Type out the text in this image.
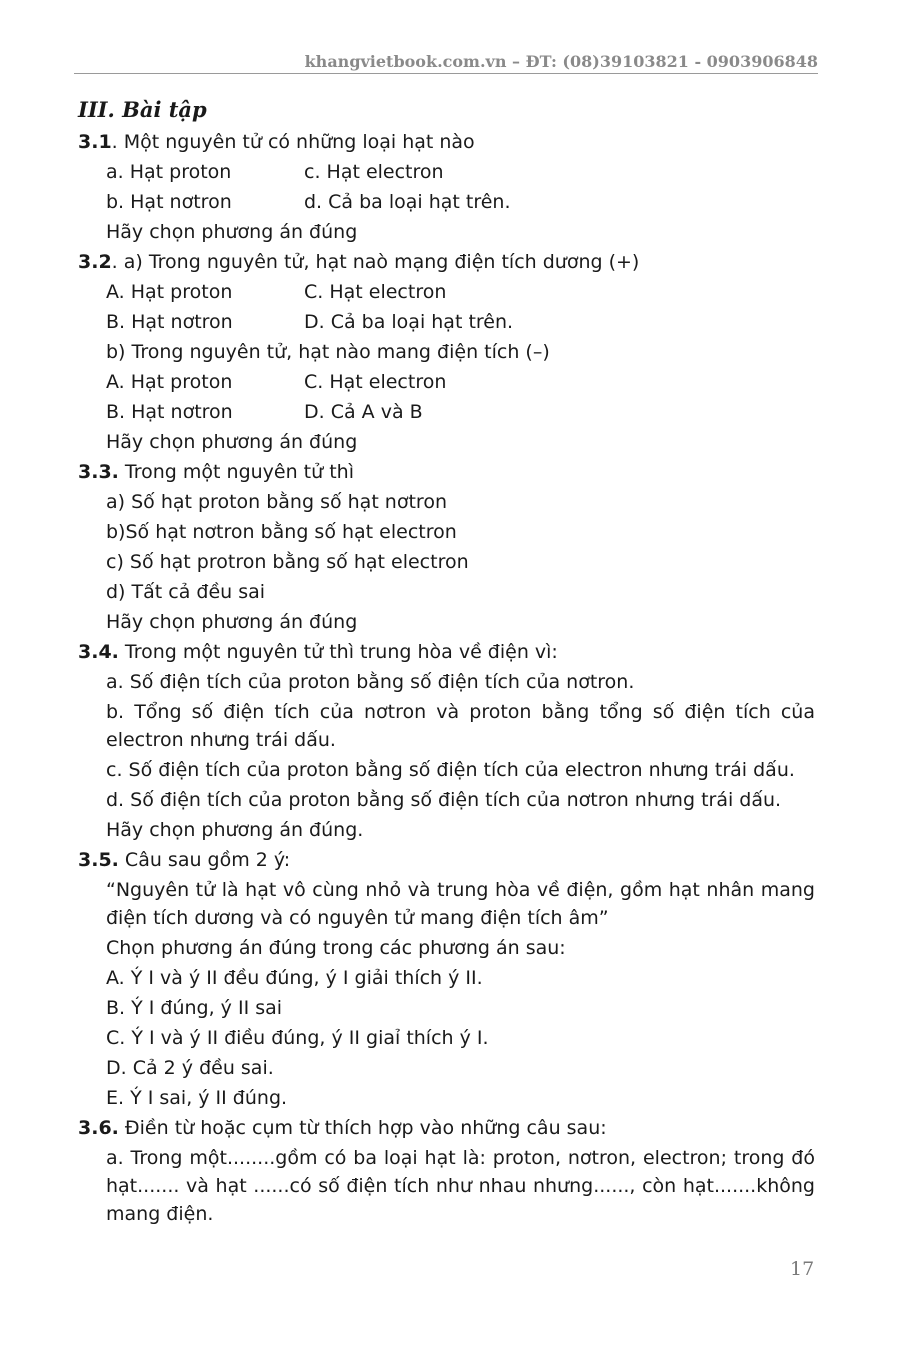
khangvietbook.com.vn – ĐT: (08)39103821 - 0903906848
III. Bài tập
3.1. Một nguyên tử có những loại hạt nào
a. Hạt proton	c. Hạt electron
b. Hạt nơtron	d. Cả ba loại hạt trên.
Hãy chọn phương án đúng
3.2. a) Trong nguyên tử, hạt naò mạng điện tích dương (+)
A. Hạt proton	C. Hạt electron
B. Hạt nơtron	D. Cả ba loại hạt trên.
b) Trong nguyên tử, hạt nào mang điện tích (–)
A. Hạt proton	C. Hạt electron
B. Hạt nơtron	D. Cả A và B
Hãy chọn phương án đúng
3.3. Trong một nguyên tử thì
a) Số hạt proton bằng số hạt nơtron
b)Số hạt nơtron bằng số hạt electron
c) Số hạt protron bằng số hạt electron
d) Tất cả đều sai
Hãy chọn phương án đúng
3.4. Trong một nguyên tử thì trung hòa về điện vì:
a. Số điện tích của proton bằng số điện tích của nơtron.
b. Tổng số điện tích của nơtron và proton bằng tổng số điện tích của electron nhưng trái dấu.
c. Số điện tích của proton bằng số điện tích của electron nhưng trái dấu.
d. Số điện tích của proton bằng số điện tích của nơtron nhưng trái dấu.
Hãy chọn phương án đúng.
3.5. Câu sau gồm 2 ý:
“Nguyên tử là hạt vô cùng nhỏ và trung hòa về điện, gồm hạt nhân mang điện tích dương và có nguyên tử mang điện tích âm”
Chọn phương án đúng trong các phương án sau:
A. Ý I và ý II đều đúng, ý I giải thích ý II.
B. Ý I đúng, ý II sai
C. Ý I và ý II điều đúng, ý II giaỉ thích ý I.
D. Cả 2 ý đều sai.
E. Ý I sai, ý II đúng.
3.6. Điền từ hoặc cụm từ thích hợp vào những câu sau:
a. Trong một........gồm có ba loại hạt là: proton, nơtron, electron; trong đó hạt....... và hạt ......có số điện tích như nhau nhưng......, còn hạt.......không mang điện.
17
